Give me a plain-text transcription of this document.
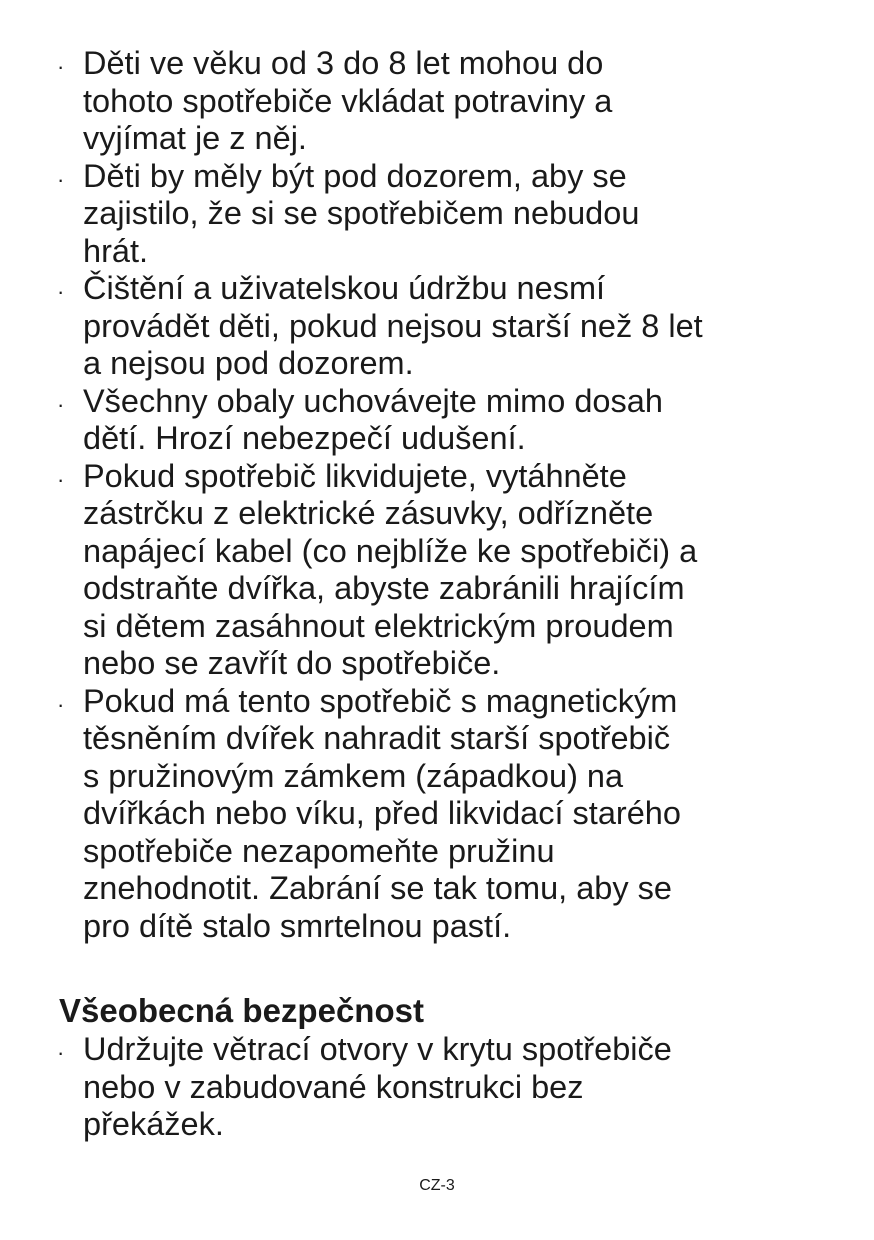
· Děti ve věku od 3 do 8 let mohou do
tohoto spotřebiče vkládat potraviny a
vyjímat je z něj.
· Děti by měly být pod dozorem, aby se
zajistilo, že si se spotřebičem nebudou
hrát.
· Čištění a uživatelskou údržbu nesmí
provádět děti, pokud nejsou starší než 8 let
a nejsou pod dozorem.
· Všechny obaly uchovávejte mimo dosah
dětí. Hrozí nebezpečí udušení.
· Pokud spotřebič likvidujete, vytáhněte
zástrčku z elektrické zásuvky, odřízněte
napájecí kabel (co nejblíže ke spotřebiči) a
odstraňte dvířka, abyste zabránili hrajícím
si dětem zasáhnout elektrickým proudem
nebo se zavřít do spotřebiče.
· Pokud má tento spotřebič s magnetickým
těsněním dvířek nahradit starší spotřebič
s pružinovým zámkem (západkou) na
dvířkách nebo víku, před likvidací starého
spotřebiče nezapomeňte pružinu
znehodnotit. Zabrání se tak tomu, aby se
pro dítě stalo smrtelnou pastí.
Všeobecná bezpečnost
· Udržujte větrací otvory v krytu spotřebiče
nebo v zabudované konstrukci bez
překážek.
CZ-3
